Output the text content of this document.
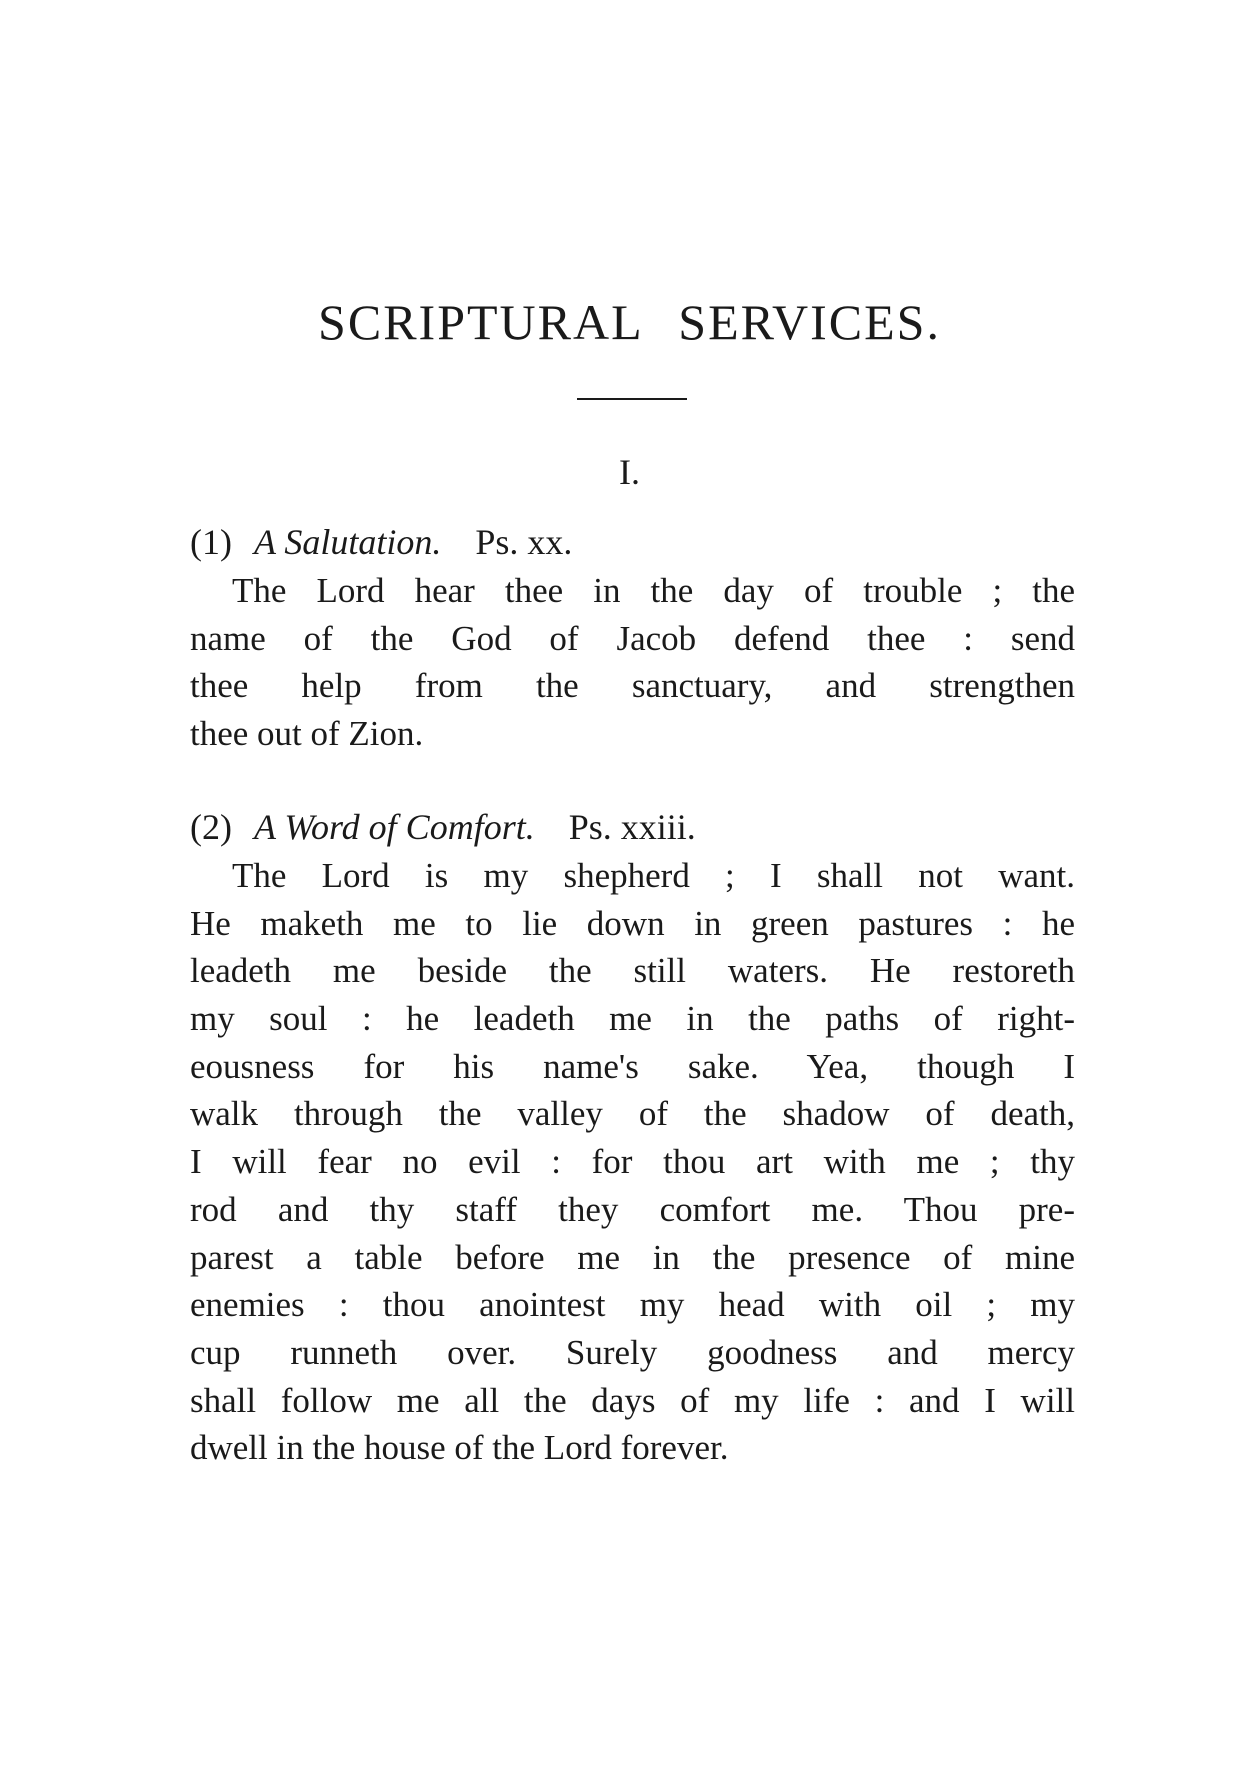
SCRIPTURAL SERVICES.
I.
(1) A Salutation. Ps. xx.
The Lord hear thee in the day of trouble ; the
name of the God of Jacob defend thee : send
thee help from the sanctuary, and strengthen
thee out of Zion.
(2) A Word of Comfort. Ps. xxiii.
The Lord is my shepherd ; I shall not want.
He maketh me to lie down in green pastures : he
leadeth me beside the still waters. He restoreth
my soul : he leadeth me in the paths of right-
eousness for his name's sake. Yea, though I
walk through the valley of the shadow of death,
I will fear no evil : for thou art with me ; thy
rod and thy staff they comfort me. Thou pre-
parest a table before me in the presence of mine
enemies : thou anointest my head with oil ; my
cup runneth over. Surely goodness and mercy
shall follow me all the days of my life : and I will
dwell in the house of the Lord forever.
